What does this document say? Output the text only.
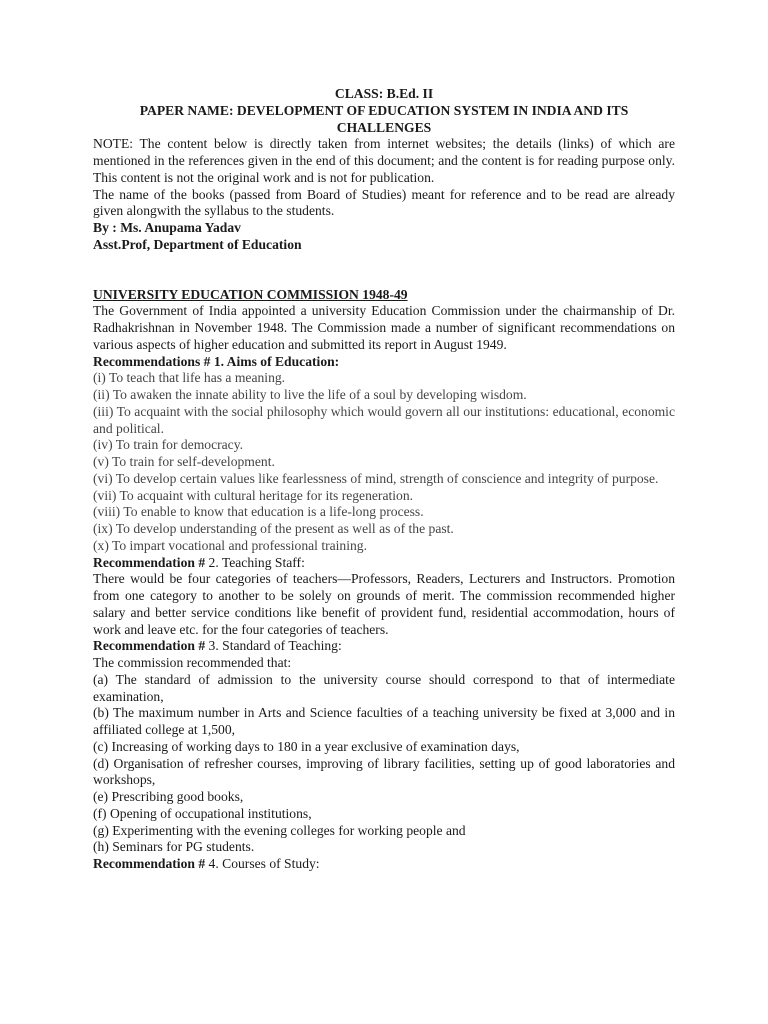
CLASS: B.Ed. II

PAPER NAME: DEVELOPMENT OF EDUCATION SYSTEM IN INDIA AND ITS CHALLENGES

NOTE: The content below is directly taken from internet websites; the details (links) of which are mentioned in the references given in the end of this document; and the content is for reading purpose only. This content is not the original work and is not for publication.

The name of the books (passed from Board of Studies) meant for reference and to be read are already given alongwith the syllabus to the students.

By : Ms. Anupama Yadav

Asst.Prof, Department of Education

UNIVERSITY EDUCATION COMMISSION 1948-49

The Government of India appointed a university Education Commission under the chairmanship of Dr. Radhakrishnan in November 1948. The Commission made a number of significant recommendations on various aspects of higher education and submitted its report in August 1949.

Recommendations # 1. Aims of Education:

(i) To teach that life has a meaning.

(ii) To awaken the innate ability to live the life of a soul by developing wisdom.

(iii) To acquaint with the social philosophy which would govern all our institutions: educational, economic and political.

(iv) To train for democracy.

(v) To train for self-development.

(vi) To develop certain values like fearlessness of mind, strength of conscience and integrity of purpose.

(vii) To acquaint with cultural heritage for its regeneration.

(viii) To enable to know that education is a life-long process.

(ix) To develop understanding of the present as well as of the past.

(x) To impart vocational and professional training.

Recommendation # 2. Teaching Staff:

There would be four categories of teachers—Professors, Readers, Lecturers and Instructors. Promotion from one category to another to be solely on grounds of merit. The commission recommended higher salary and better service conditions like benefit of provident fund, residential accommodation, hours of work and leave etc. for the four categories of teachers.

Recommendation # 3. Standard of Teaching:

The commission recommended that:

(a) The standard of admission to the university course should correspond to that of intermediate examination,

(b) The maximum number in Arts and Science faculties of a teaching university be fixed at 3,000 and in affiliated college at 1,500,

(c) Increasing of working days to 180 in a year exclusive of examination days,

(d) Organisation of refresher courses, improving of library facilities, setting up of good laboratories and workshops,

(e) Prescribing good books,

(f) Opening of occupational institutions,

(g) Experimenting with the evening colleges for working people and

(h) Seminars for PG students.

Recommendation # 4. Courses of Study:
